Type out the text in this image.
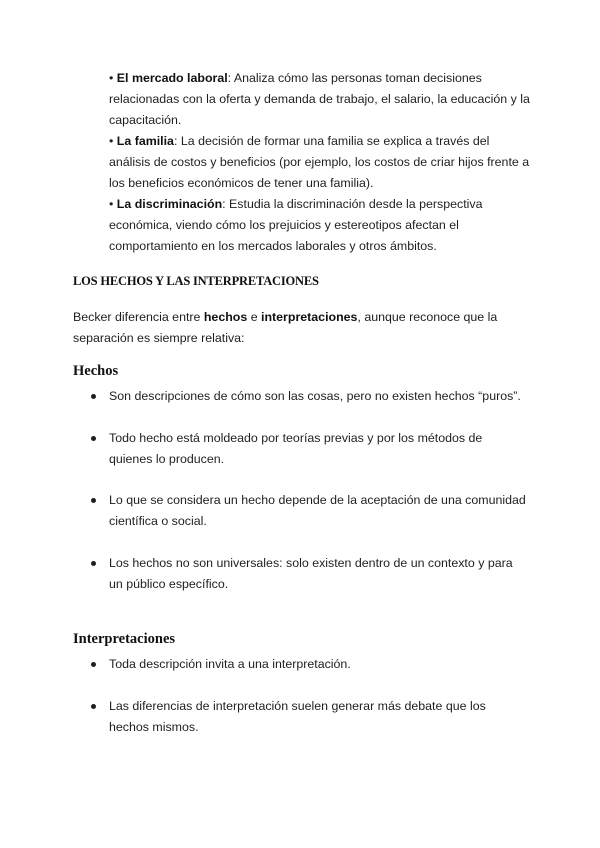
• El mercado laboral: Analiza cómo las personas toman decisiones relacionadas con la oferta y demanda de trabajo, el salario, la educación y la capacitación.

• La familia: La decisión de formar una familia se explica a través del análisis de costos y beneficios (por ejemplo, los costos de criar hijos frente a los beneficios económicos de tener una familia).

• La discriminación: Estudia la discriminación desde la perspectiva económica, viendo cómo los prejuicios y estereotipos afectan el comportamiento en los mercados laborales y otros ámbitos.

LOS HECHOS Y LAS INTERPRETACIONES

Becker diferencia entre hechos e interpretaciones, aunque reconoce que la separación es siempre relativa:

Hechos

Son descripciones de cómo son las cosas, pero no existen hechos “puros”.

Todo hecho está moldeado por teorías previas y por los métodos de quienes lo producen.

Lo que se considera un hecho depende de la aceptación de una comunidad científica o social.

Los hechos no son universales: solo existen dentro de un contexto y para un público específico.

Interpretaciones

Toda descripción invita a una interpretación.

Las diferencias de interpretación suelen generar más debate que los hechos mismos.
